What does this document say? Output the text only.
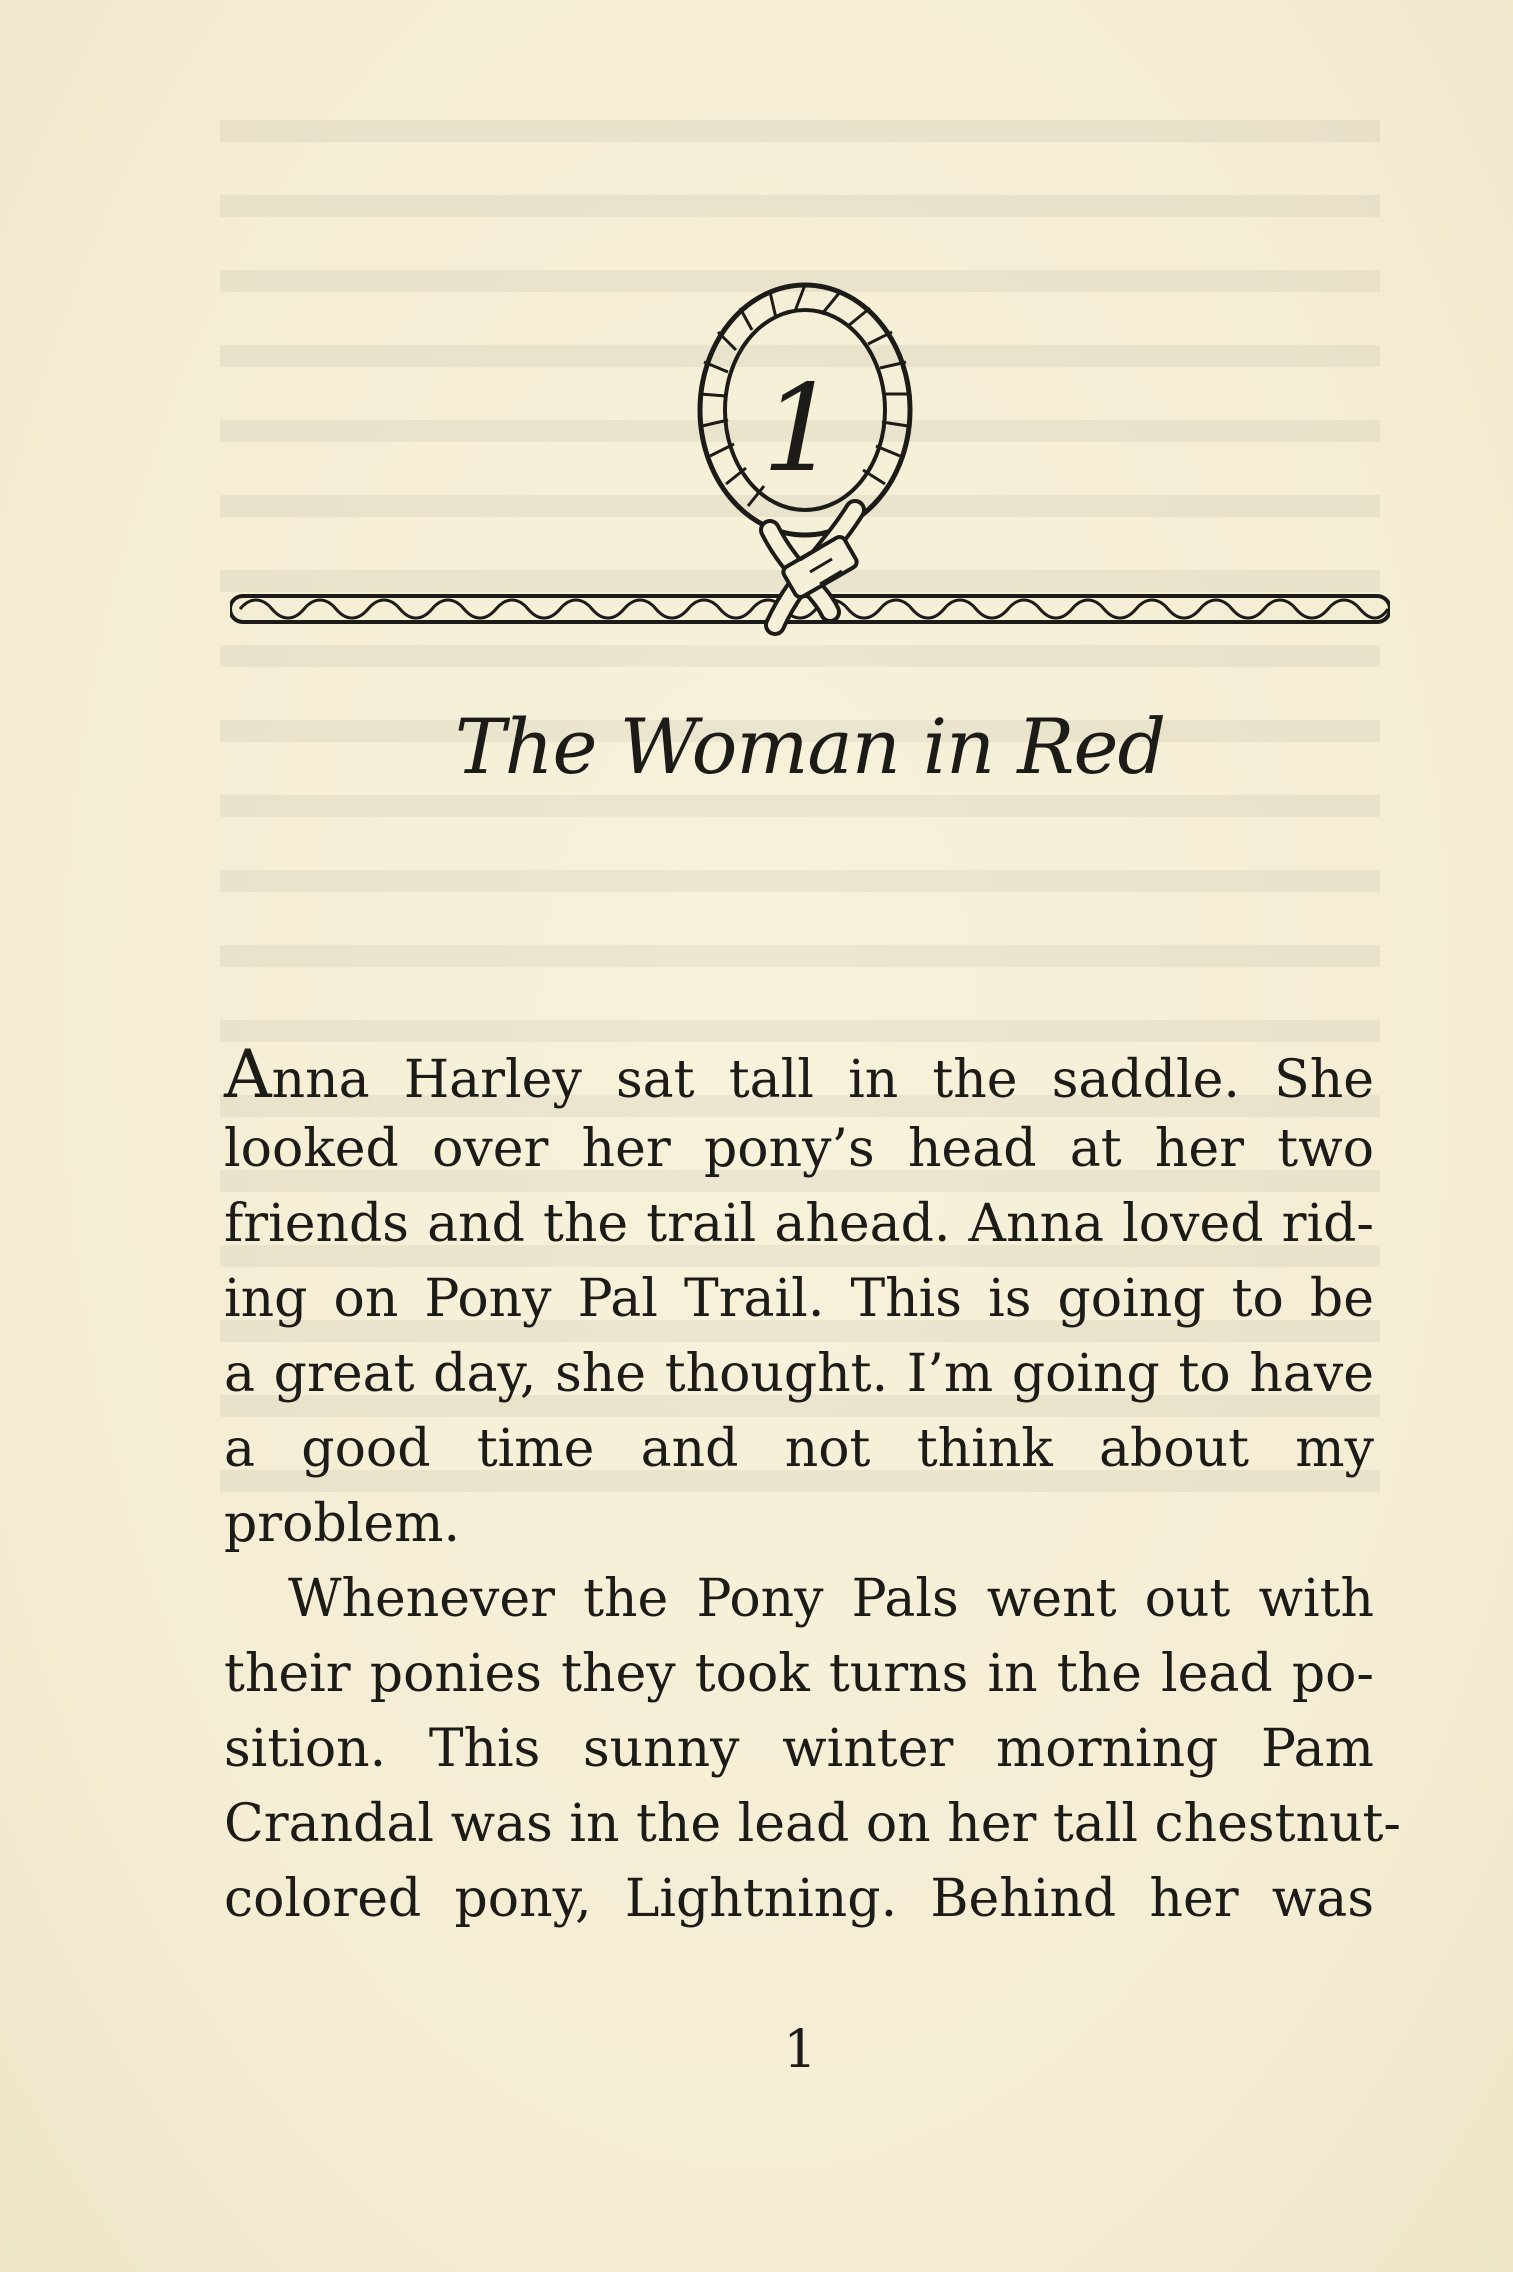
1
The Woman in Red
Anna Harley sat tall in the saddle. She
looked over her pony’s head at her two
friends and the trail ahead. Anna loved rid-
ing on Pony Pal Trail. This is going to be
a great day, she thought. I’m going to have
a good time and not think about my
problem.
Whenever the Pony Pals went out with
their ponies they took turns in the lead po-
sition. This sunny winter morning Pam
Crandal was in the lead on her tall chestnut-
colored pony, Lightning. Behind her was
1
